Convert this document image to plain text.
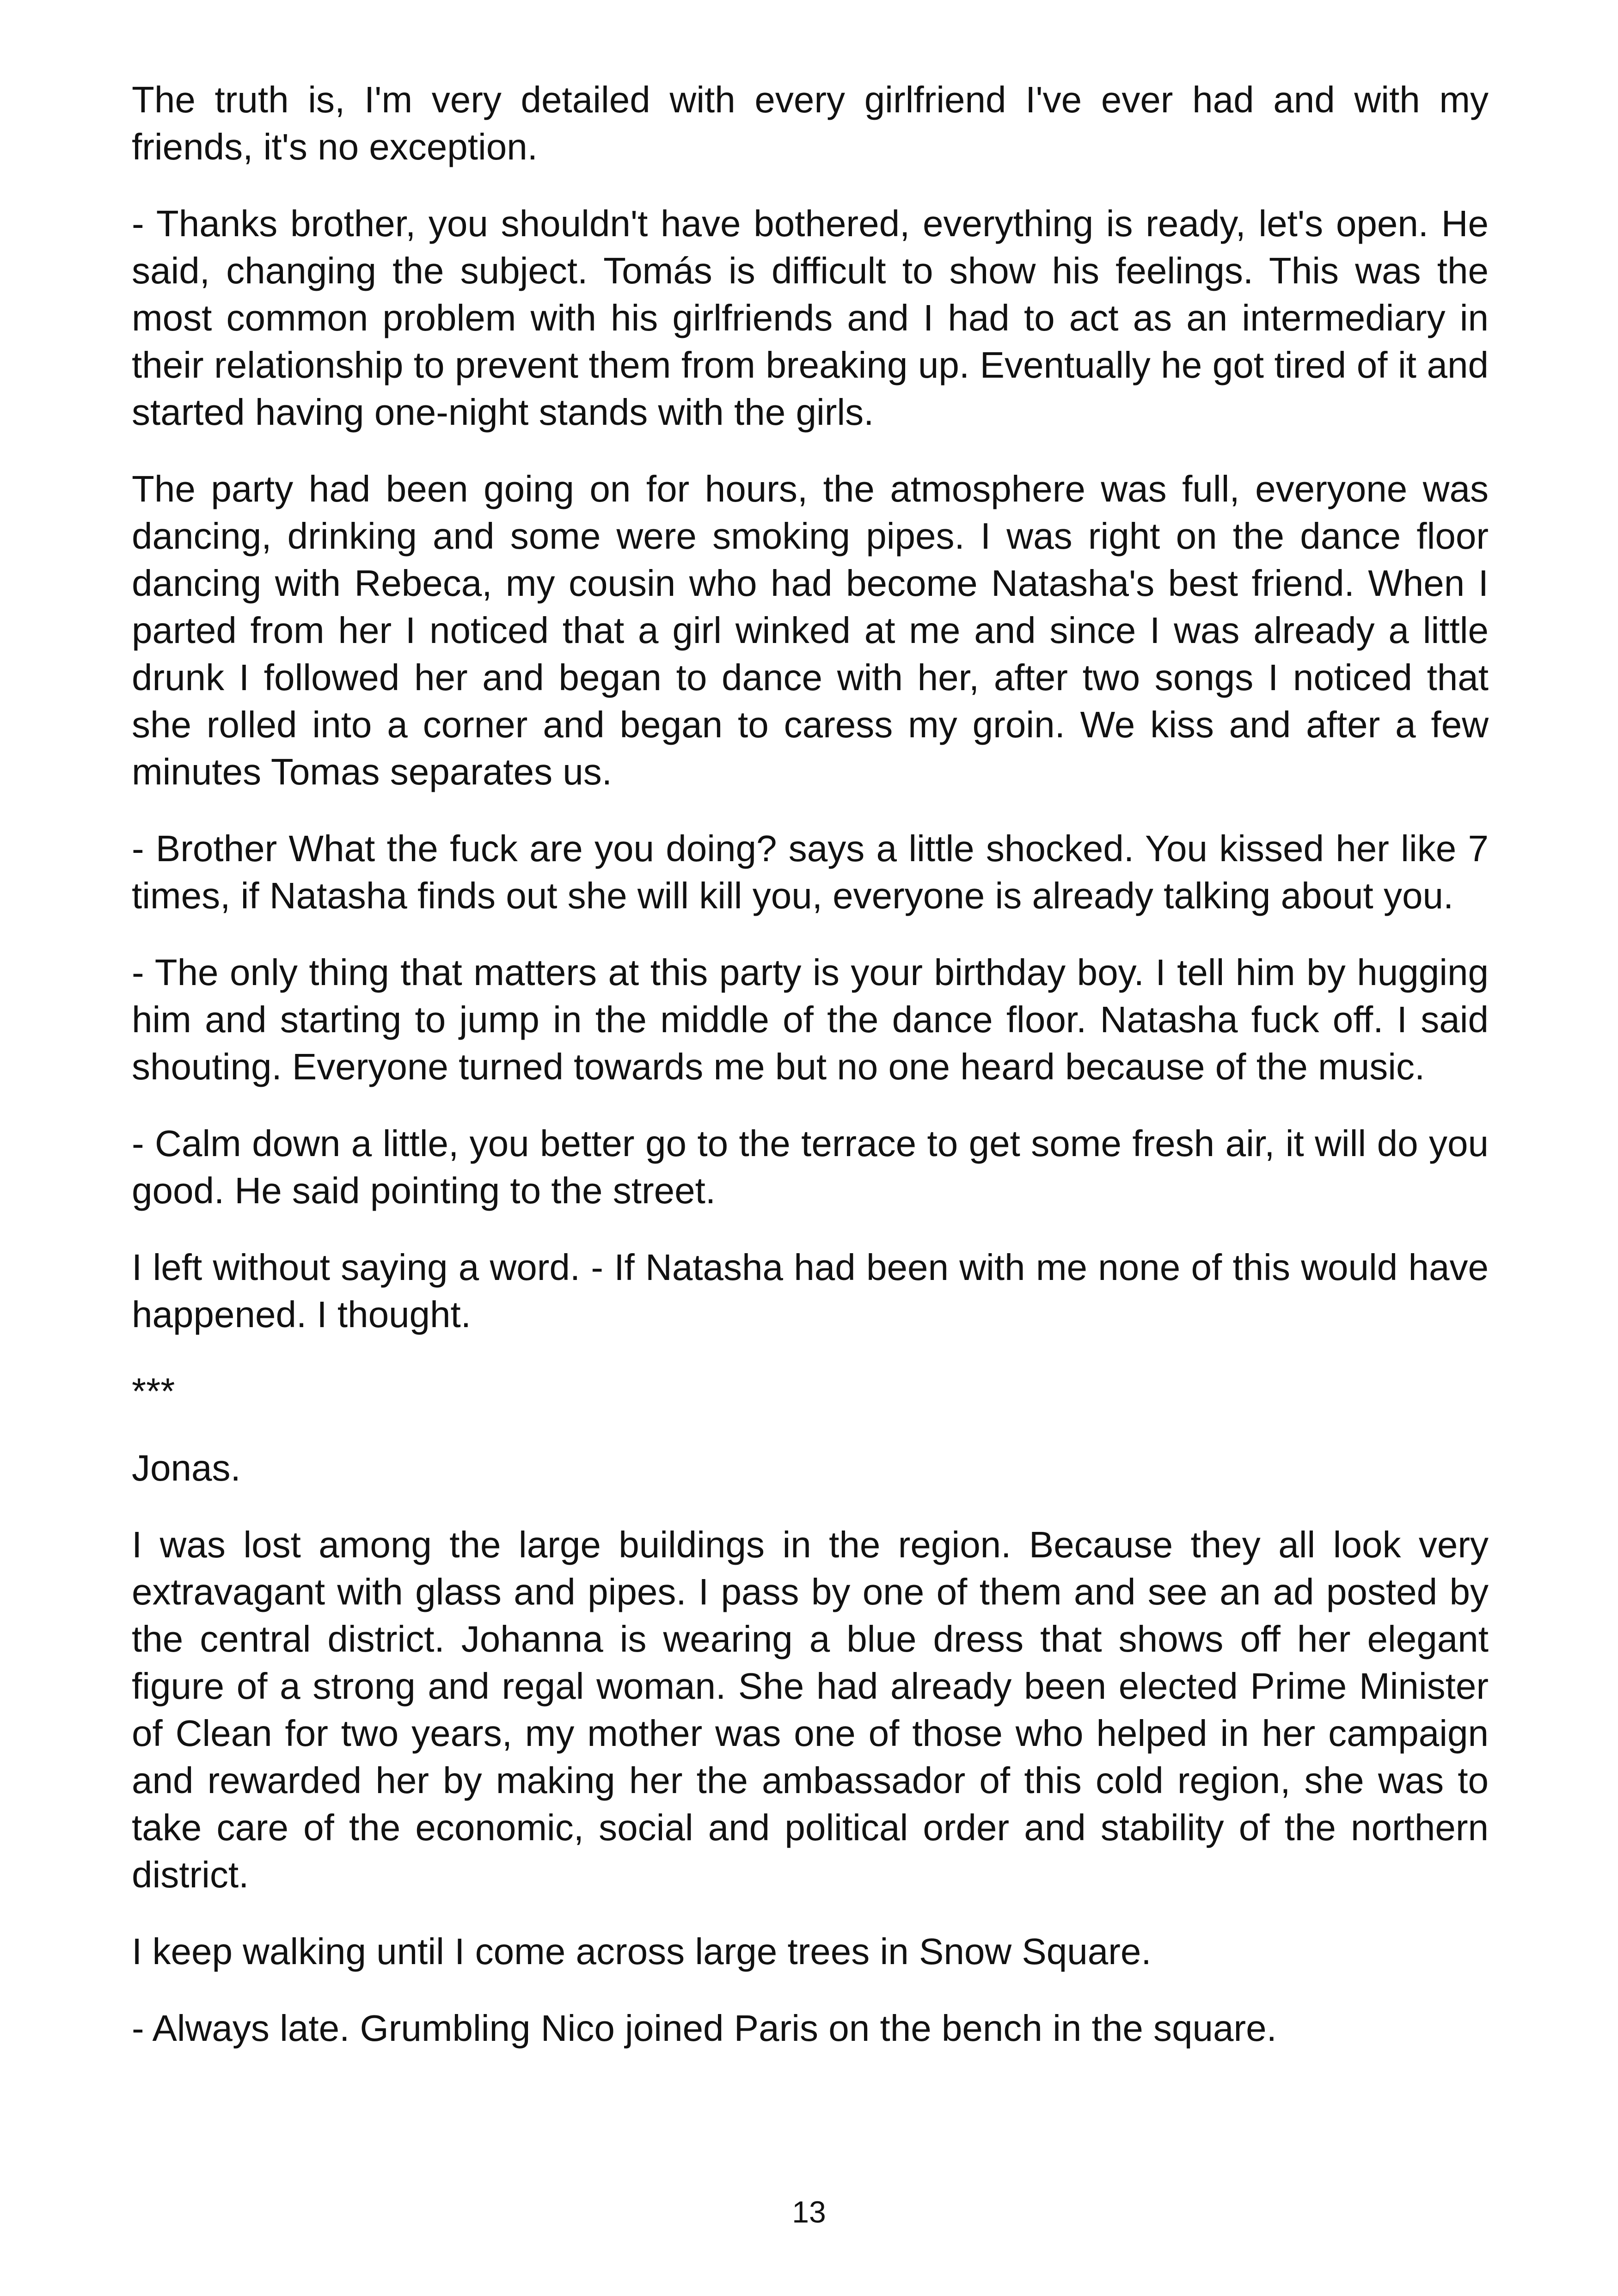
The truth is, I'm very detailed with every girlfriend I've ever had and with my friends, it's no exception.

- Thanks brother, you shouldn't have bothered, everything is ready, let's open. He said, changing the subject. Tomás is difficult to show his feelings. This was the most common problem with his girlfriends and I had to act as an intermediary in their relationship to prevent them from breaking up. Eventually he got tired of it and started having one-night stands with the girls.

The party had been going on for hours, the atmosphere was full, everyone was dancing, drinking and some were smoking pipes. I was right on the dance floor dancing with Rebeca, my cousin who had become Natasha's best friend. When I parted from her I noticed that a girl winked at me and since I was already a little drunk I followed her and began to dance with her, after two songs I noticed that she rolled into a corner and began to caress my groin. We kiss and after a few minutes Tomas separates us.

- Brother What the fuck are you doing? says a little shocked. You kissed her like 7 times, if Natasha finds out she will kill you, everyone is already talking about you.

- The only thing that matters at this party is your birthday boy. I tell him by hugging him and starting to jump in the middle of the dance floor. Natasha fuck off. I said shouting. Everyone turned towards me but no one heard because of the music.

- Calm down a little, you better go to the terrace to get some fresh air, it will do you good. He said pointing to the street.

I left without saying a word. - If Natasha had been with me none of this would have happened. I thought.

***

Jonas.

I was lost among the large buildings in the region. Because they all look very extravagant with glass and pipes. I pass by one of them and see an ad posted by the central district. Johanna is wearing a blue dress that shows off her elegant figure of a strong and regal woman. She had already been elected Prime Minister of Clean for two years, my mother was one of those who helped in her campaign and rewarded her by making her the ambassador of this cold region, she was to take care of the economic, social and political order and stability of the northern district.

I keep walking until I come across large trees in Snow Square.

- Always late. Grumbling Nico joined Paris on the bench in the square.

13
